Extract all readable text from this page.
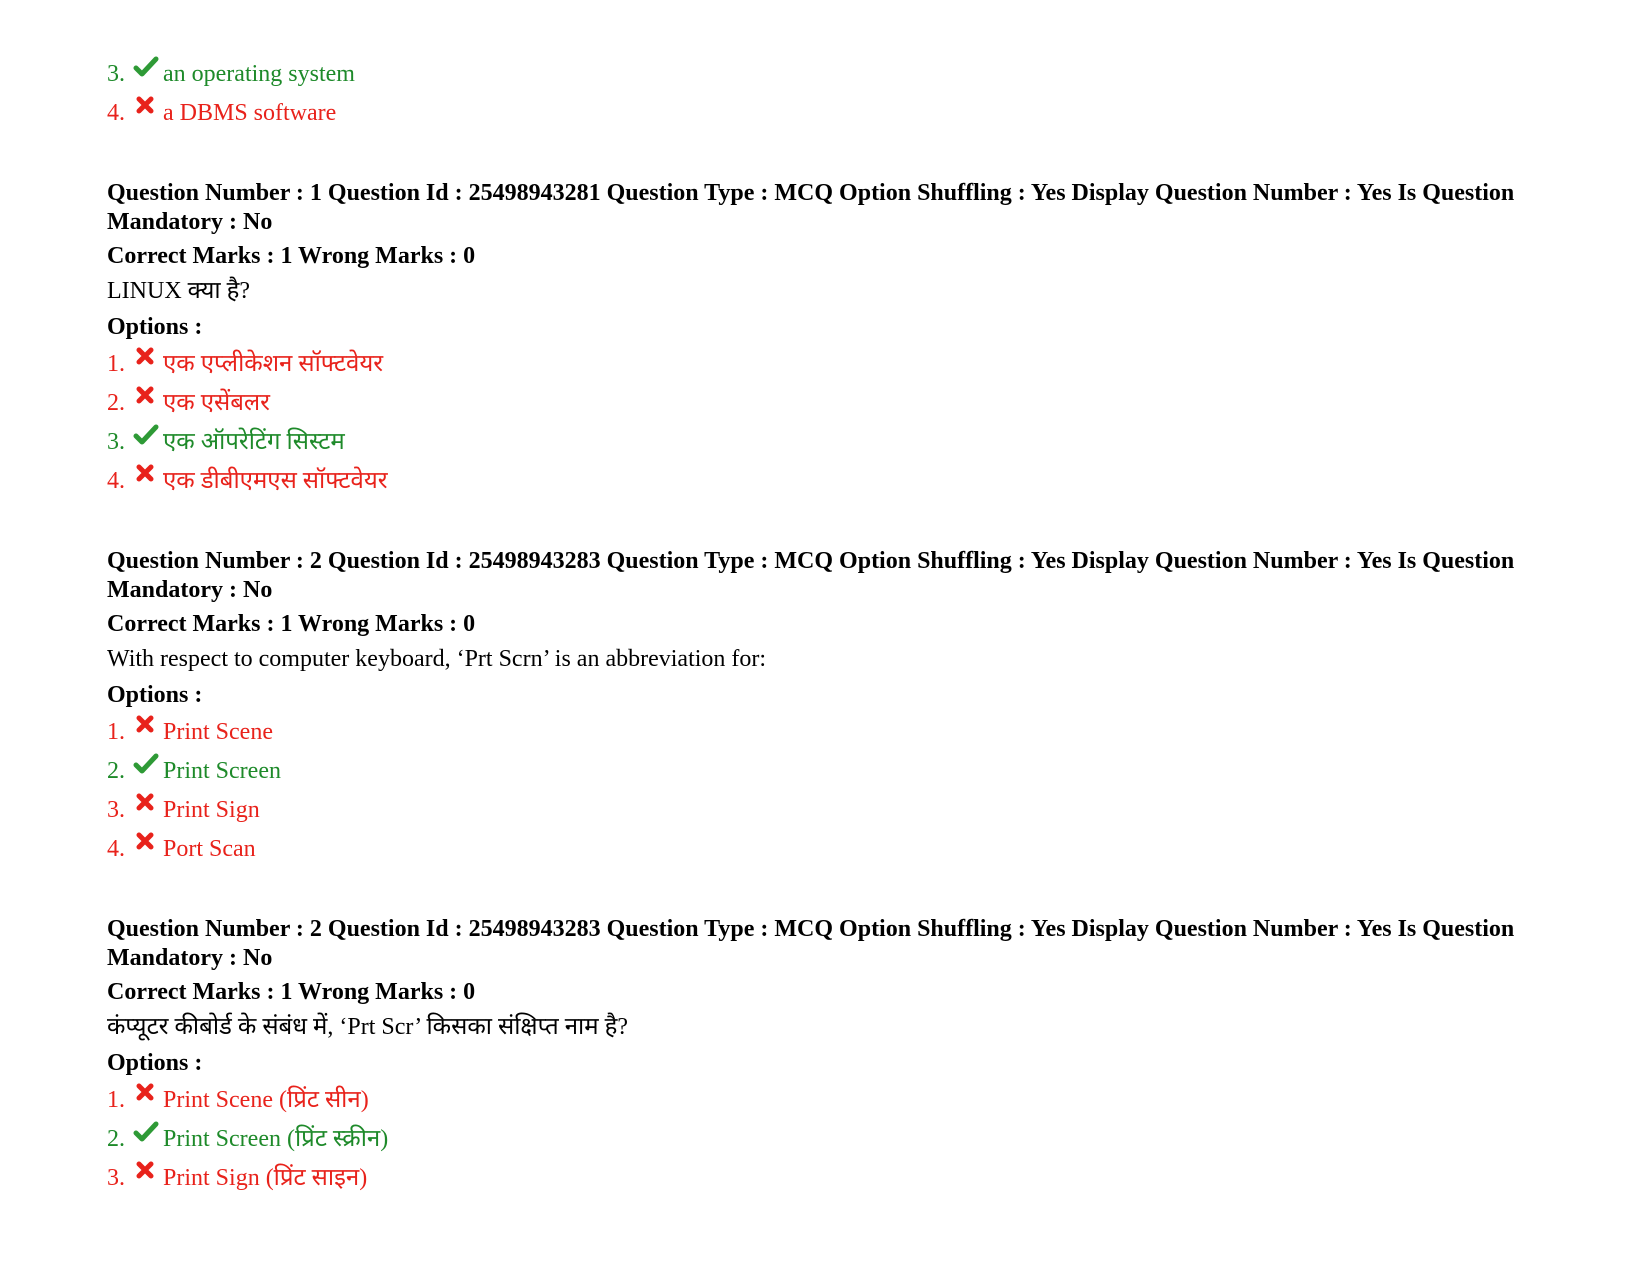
3.	an operating system
4.	a DBMS software
Question Number : 1 Question Id : 25498943281 Question Type : MCQ Option Shuffling : Yes Display Question Number : Yes Is Question Mandatory : No
Correct Marks : 1 Wrong Marks : 0
LINUX क्या है?
Options :
1.	एक एप्लीकेशन सॉफ्टवेयर
2.	एक एसेंबलर
3.	एक ऑपरेटिंग सिस्टम
4.	एक डीबीएमएस सॉफ्टवेयर
Question Number : 2 Question Id : 25498943283 Question Type : MCQ Option Shuffling : Yes Display Question Number : Yes Is Question Mandatory : No
Correct Marks : 1 Wrong Marks : 0
With respect to computer keyboard, ‘Prt Scrn’ is an abbreviation for:
Options :
1.	Print Scene
2.	Print Screen
3.	Print Sign
4.	Port Scan
Question Number : 2 Question Id : 25498943283 Question Type : MCQ Option Shuffling : Yes Display Question Number : Yes Is Question Mandatory : No
Correct Marks : 1 Wrong Marks : 0
कंप्यूटर कीबोर्ड के संबंध में, ‘Prt Scr’ किसका संक्षिप्त नाम है?
Options :
1.	Print Scene (प्रिंट सीन)
2.	Print Screen (प्रिंट स्क्रीन)
3.	Print Sign (प्रिंट साइन)
